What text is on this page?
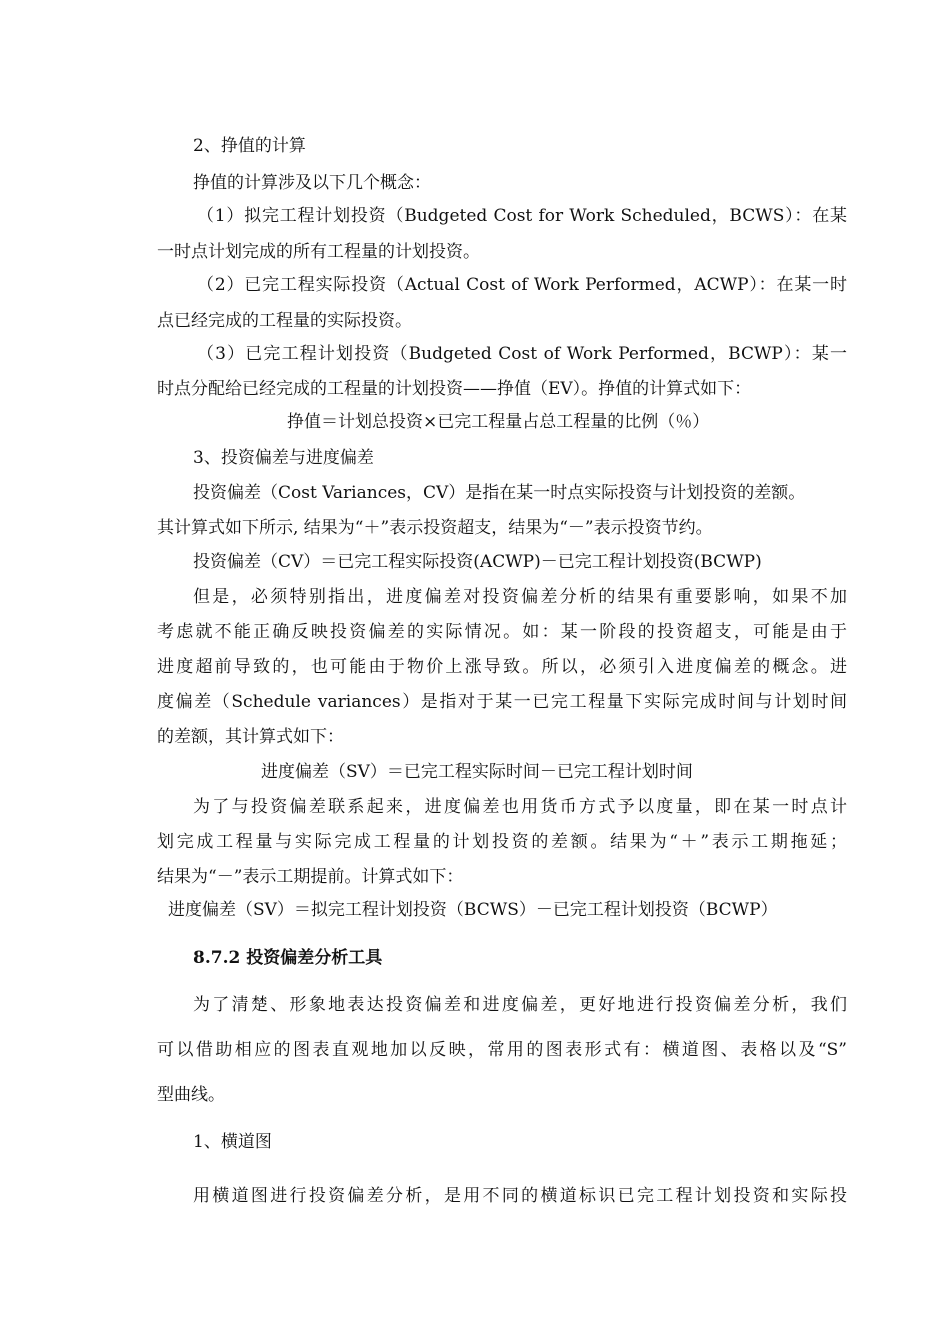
2、挣值的计算
挣值的计算涉及以下几个概念：
（1）拟完工程计划投资（Budgeted Cost for Work Scheduled，BCWS）：在某
一时点计划完成的所有工程量的计划投资。
（2）已完工程实际投资（Actual Cost of Work Performed，ACWP）：在某一时
点已经完成的工程量的实际投资。
（3）已完工程计划投资（Budgeted Cost of Work Performed，BCWP）：某一
时点分配给已经完成的工程量的计划投资——挣值（EV）。挣值的计算式如下：
挣值＝计划总投资×已完工程量占总工程量的比例（％）
3、投资偏差与进度偏差
投资偏差（Cost Variances，CV）是指在某一时点实际投资与计划投资的差额。
其计算式如下所示, 结果为“＋”表示投资超支，结果为“－”表示投资节约。
投资偏差（CV）＝已完工程实际投资(ACWP)－已完工程计划投资(BCWP)
但是，必须特别指出，进度偏差对投资偏差分析的结果有重要影响，如果不加
考虑就不能正确反映投资偏差的实际情况。如：某一阶段的投资超支，可能是由于
进度超前导致的，也可能由于物价上涨导致。所以，必须引入进度偏差的概念。进
度偏差（Schedule variances）是指对于某一已完工程量下实际完成时间与计划时间
的差额，其计算式如下：
进度偏差（SV）＝已完工程实际时间－已完工程计划时间
为了与投资偏差联系起来，进度偏差也用货币方式予以度量，即在某一时点计
划完成工程量与实际完成工程量的计划投资的差额。结果为“＋”表示工期拖延；
结果为“－”表示工期提前。计算式如下：
进度偏差（SV）＝拟完工程计划投资（BCWS）－已完工程计划投资（BCWP）
8.7.2 投资偏差分析工具
为了清楚、形象地表达投资偏差和进度偏差，更好地进行投资偏差分析，我们
可以借助相应的图表直观地加以反映，常用的图表形式有：横道图、表格以及“S”
型曲线。
1、横道图
用横道图进行投资偏差分析，是用不同的横道标识已完工程计划投资和实际投
